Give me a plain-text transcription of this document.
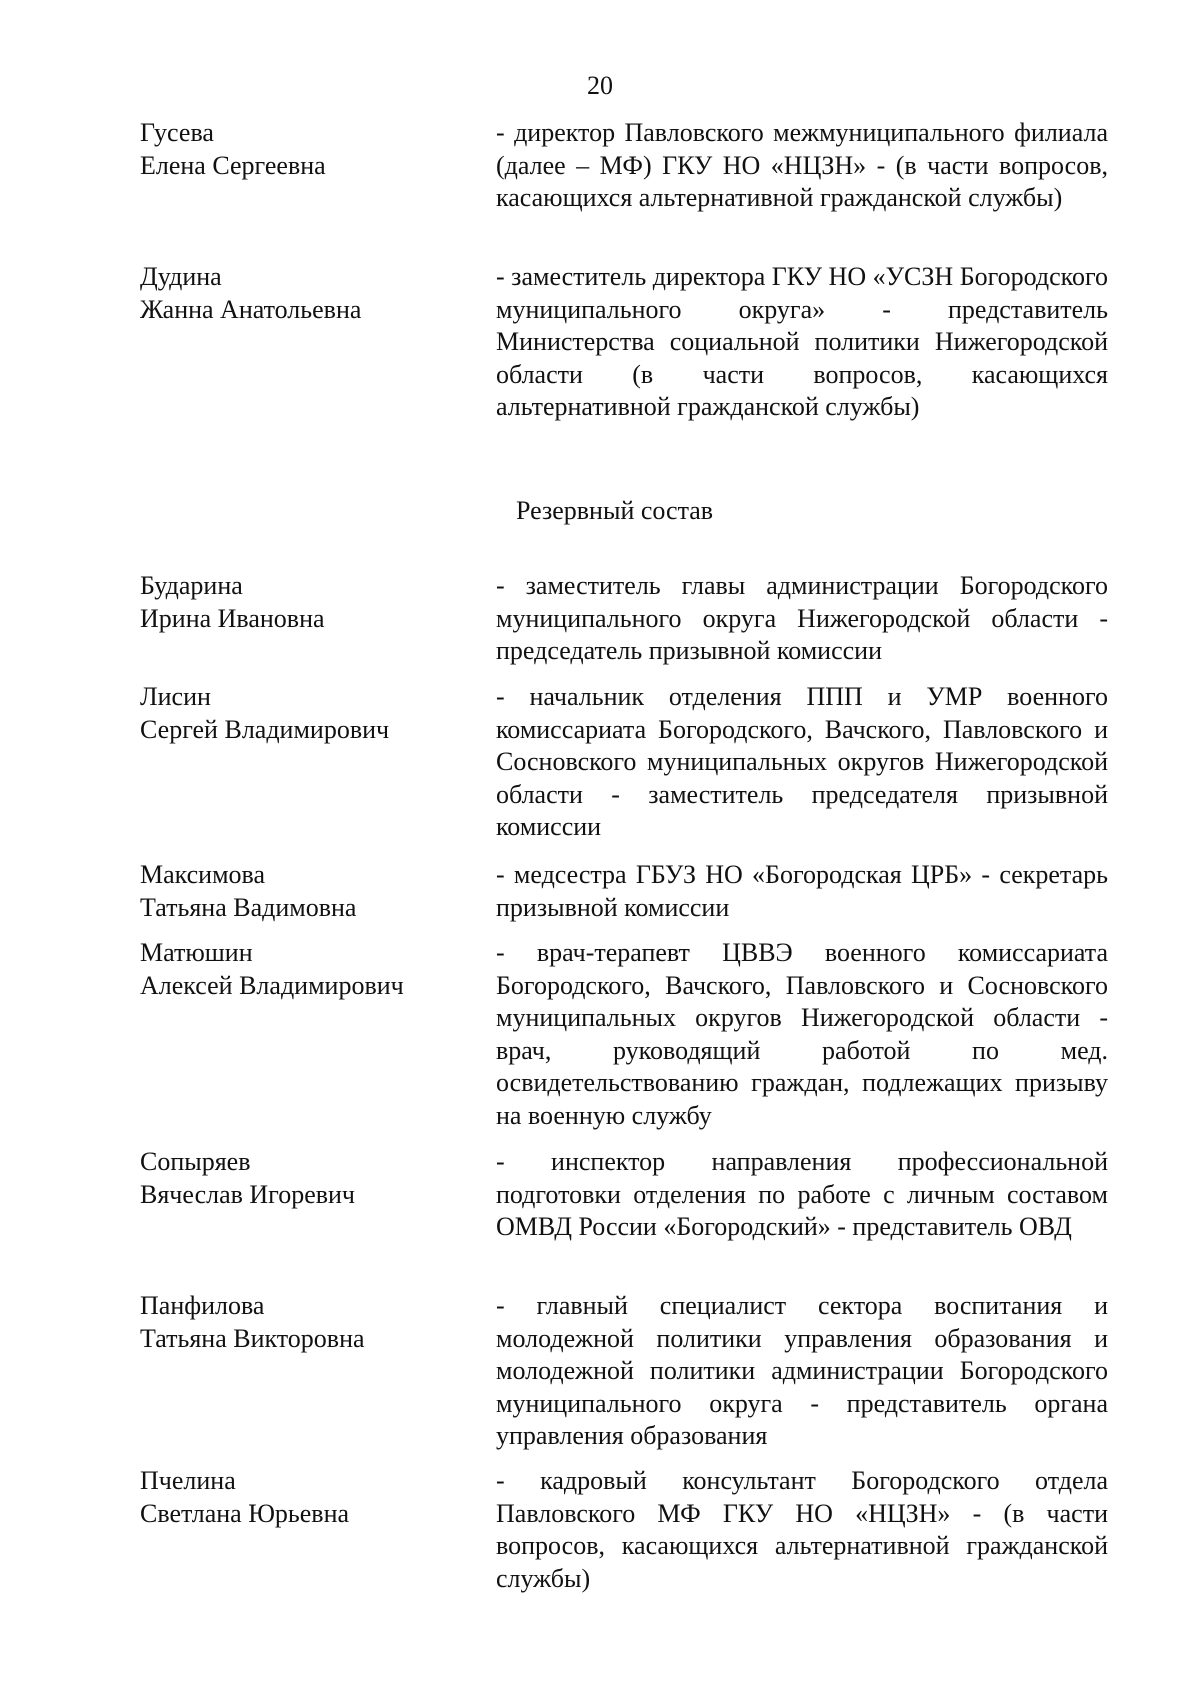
20
Гусева
Елена Сергеевна
- директор Павловского межмуниципального филиала (далее – МФ) ГКУ НО «НЦЗН» - (в части вопросов, касающихся альтернативной гражданской службы)
Дудина
Жанна Анатольевна
- заместитель директора ГКУ НО «УСЗН Богородского муниципального округа» - представитель Министерства социальной политики Нижегородской области (в части вопросов, касающихся альтернативной гражданской службы)
Резервный состав
Бударина
Ирина Ивановна
- заместитель главы администрации Богородского муниципального округа Нижегородской области - председатель призывной комиссии
Лисин
Сергей Владимирович
- начальник отделения ППП и УМР военного комиссариата Богородского, Вачского, Павловского и Сосновского муниципальных округов Нижегородской области - заместитель председателя призывной комиссии
Максимова
Татьяна Вадимовна
- медсестра ГБУЗ НО «Богородская ЦРБ» - секретарь призывной комиссии
Матюшин
Алексей Владимирович
- врач-терапевт ЦВВЭ военного комиссариата Богородского, Вачского, Павловского и Сосновского муниципальных округов Нижегородской области - врач, руководящий работой по мед. освидетельствованию граждан, подлежащих призыву на военную службу
Сопыряев
Вячеслав Игоревич
- инспектор направления профессиональной подготовки отделения по работе с личным составом ОМВД России «Богородский» - представитель ОВД
Панфилова
Татьяна Викторовна
- главный специалист сектора воспитания и молодежной политики управления образования и молодежной политики администрации Богородского муниципального округа - представитель органа управления образования
Пчелина
Светлана Юрьевна
- кадровый консультант Богородского отдела Павловского МФ ГКУ НО «НЦЗН» - (в части вопросов, касающихся альтернативной гражданской службы)
